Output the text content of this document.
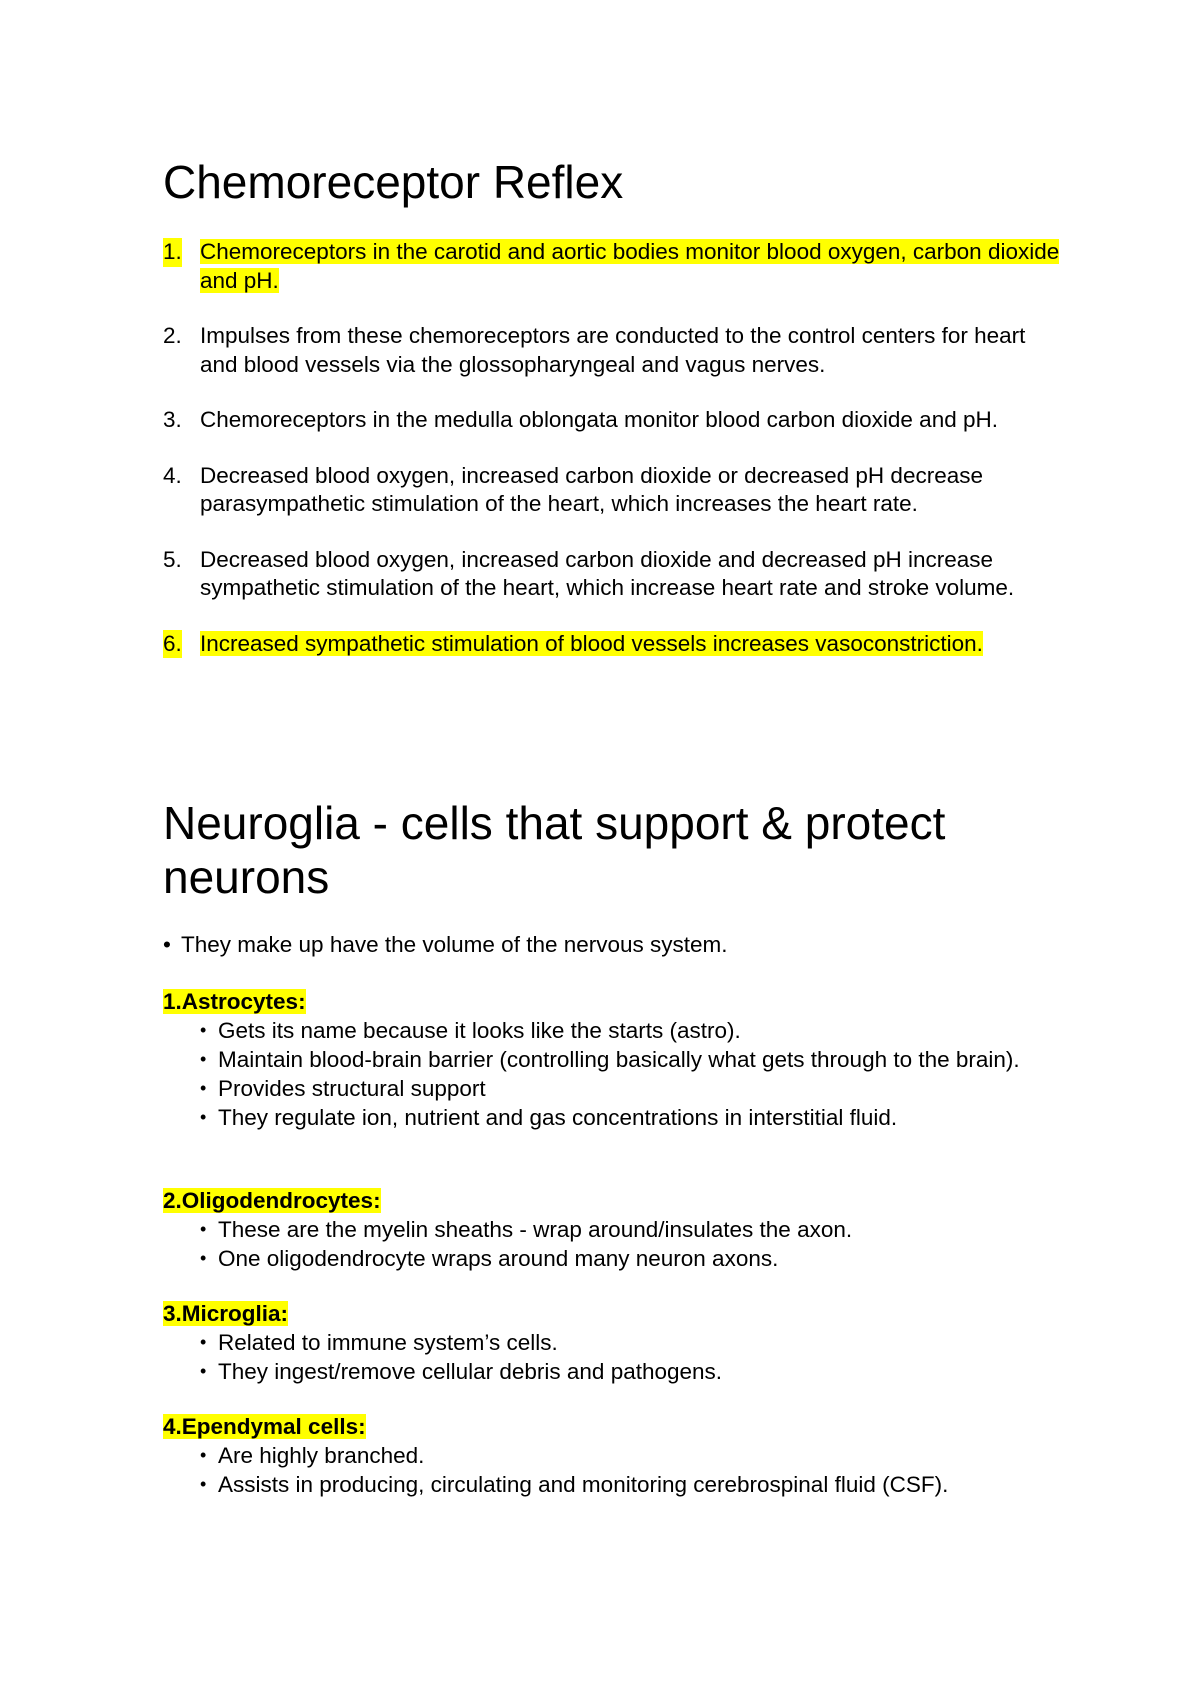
Chemoreceptor Reflex
1. Chemoreceptors in the carotid and aortic bodies monitor blood oxygen, carbon dioxide and pH.
2. Impulses from these chemoreceptors are conducted to the control centers for heart and blood vessels via the glossopharyngeal and vagus nerves.
3. Chemoreceptors in the medulla oblongata monitor blood carbon dioxide and pH.
4. Decreased blood oxygen, increased carbon dioxide or decreased pH decrease parasympathetic stimulation of the heart, which increases the heart rate.
5. Decreased blood oxygen, increased carbon dioxide and decreased pH increase sympathetic stimulation of the heart, which increase heart rate and stroke volume.
6. Increased sympathetic stimulation of blood vessels increases vasoconstriction.
Neuroglia - cells that support & protect neurons
• They make up have the volume of the nervous system.
1.Astrocytes:
• Gets its name because it looks like the starts (astro).
• Maintain blood-brain barrier (controlling basically what gets through to the brain).
• Provides structural support
• They regulate ion, nutrient and gas concentrations in interstitial fluid.
2.Oligodendrocytes:
• These are the myelin sheaths - wrap around/insulates the axon.
• One oligodendrocyte wraps around many neuron axons.
3.Microglia:
• Related to immune system’s cells.
• They ingest/remove cellular debris and pathogens.
4.Ependymal cells:
• Are highly branched.
• Assists in producing, circulating and monitoring cerebrospinal fluid (CSF).
